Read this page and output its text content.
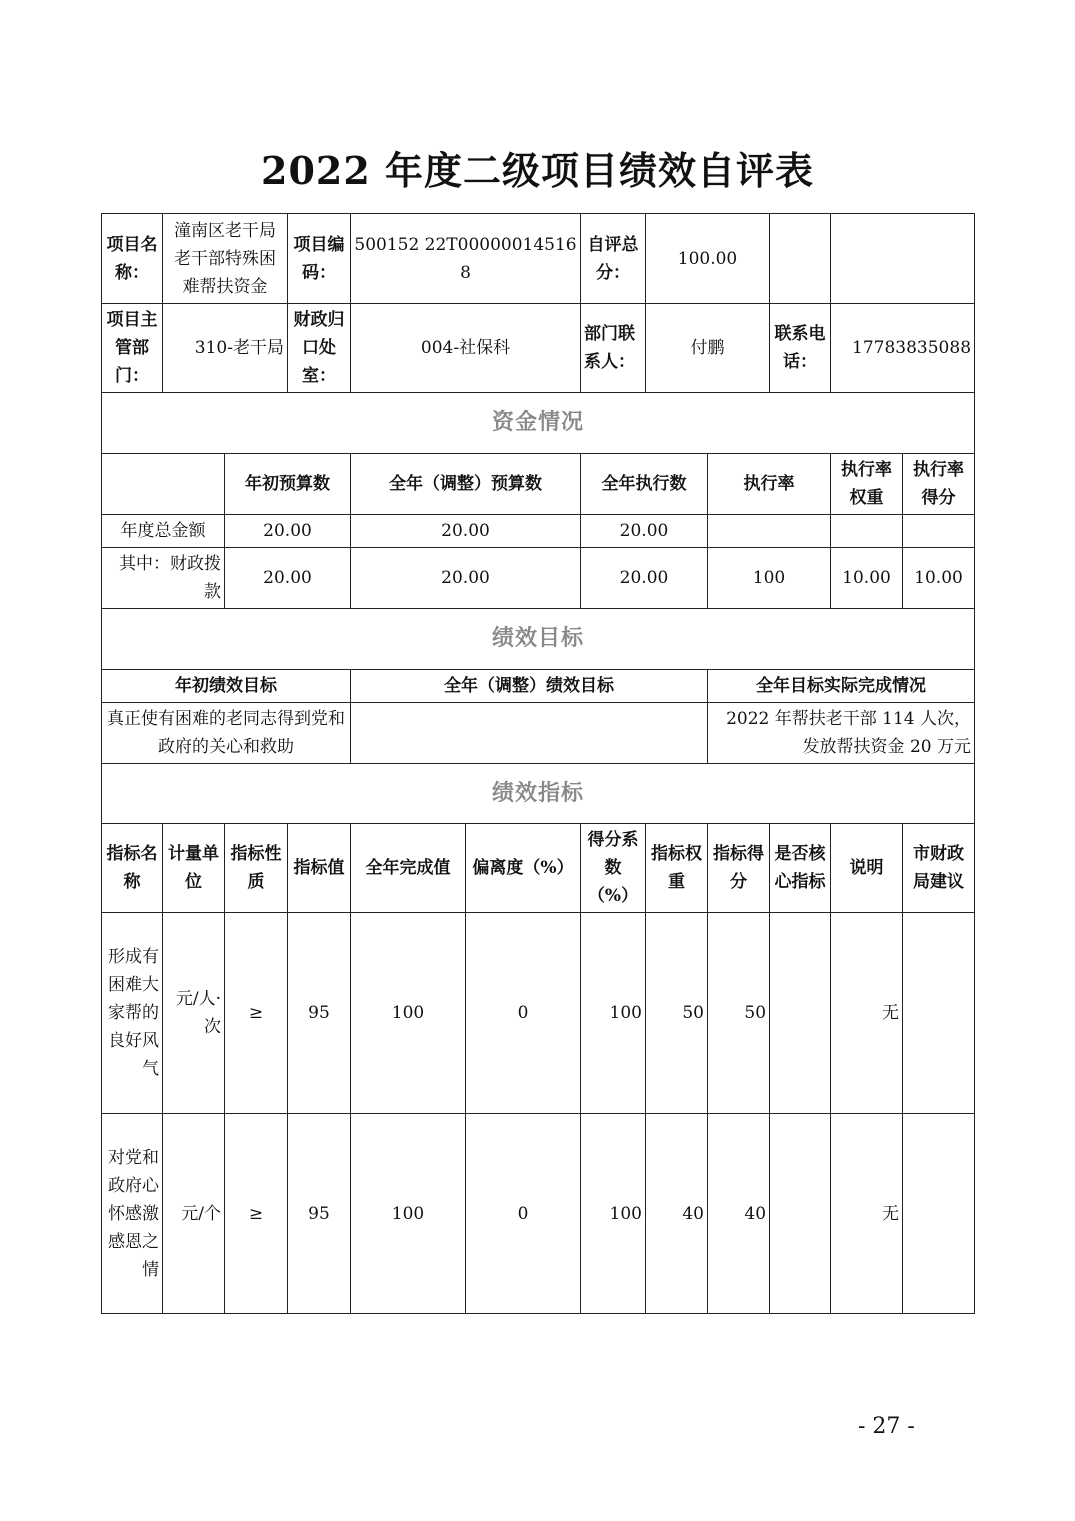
2022 年度二级项目绩效自评表
项目名称：	潼南区老干局老干部特殊困难帮扶资金		项目编码：	500152 22T000000145168		自评总分：	100.00				
项目主管部门：	310-老干局		财政归口处室：	004-社保科		部门联系人：	付鹏		联系电话：	17783835088	
资金情况											
		年初预算数		全年（调整）预算数		全年执行数		执行率		执行率权重	执行率得分
年度总金额		20.00		20.00		20.00					
其中：财政拨款		20.00		20.00		20.00		100		10.00	10.00
绩效目标											
年初绩效目标				全年（调整）绩效目标				全年目标实际完成情况			
真正使有困难的老同志得到党和政府的关心和救助								2022 年帮扶老干部 114 人次，发放帮扶资金 20 万元			
绩效指标											
指标名称	计量单位	指标性质	指标值	全年完成值	偏离度（%）	得分系数（%）	指标权重	指标得分	是否核心指标	说明	市财政局建议
形成有困难大家帮的良好风气	元/人·次	≥	95	100	0	100	50	50		无	
对党和政府心怀感激感恩之情	元/个	≥	95	100	0	100	40	40		无	
- 27 -
